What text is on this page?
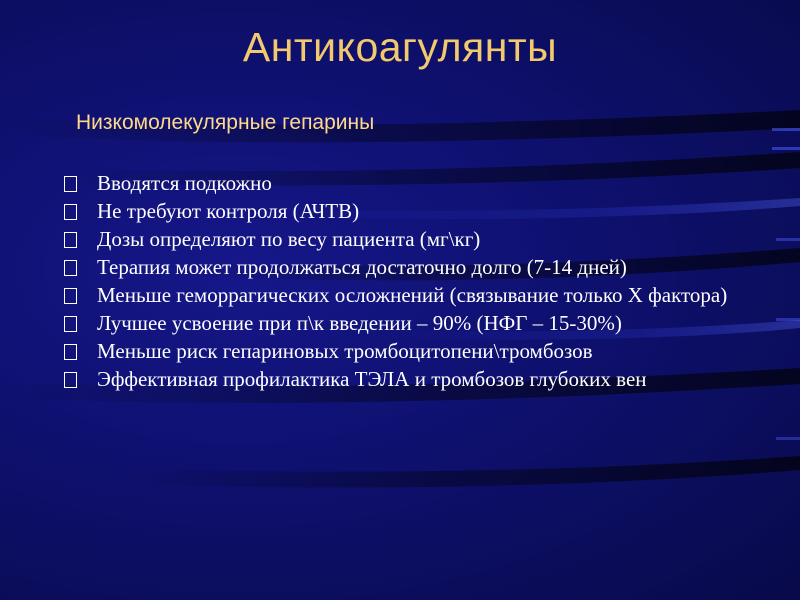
Антикоагулянты
Низкомолекулярные гепарины
Вводятся подкожно
Не требуют контроля (АЧТВ)
Дозы определяют по весу пациента (мг\кг)
Терапия может продолжаться достаточно долго (7-14 дней)
Меньше геморрагических осложнений (связывание только X фактора)
Лучшее усвоение при п\к введении – 90% (НФГ – 15-30%)
Меньше риск гепариновых тромбоцитопени\тромбозов
Эффективная профилактика ТЭЛА и тромбозов глубоких вен
